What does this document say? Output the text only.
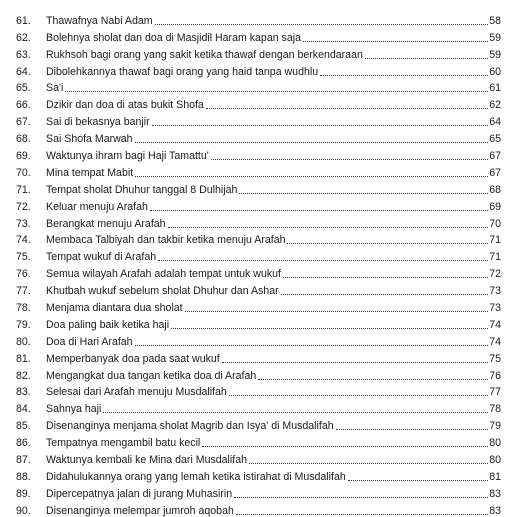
61.	Thawafnya Nabi Adam	58
62.	Bolehnya sholat dan doa di Masjidil Haram kapan saja	59
63.	Rukhsoh bagi orang yang sakit ketika thawaf dengan berkendaraan	59
64.	Dibolehkannya thawaf bagi orang yang haid tanpa wudhlu	60
65.	Sa'i	61
66.	Dzikir dan doa di atas bukit Shofa	62
67.	Sai di bekasnya banjir	64
68.	Sai Shofa Marwah	65
69.	Waktunya ihram bagi Haji Tamattu'	67
70.	Mina tempat Mabit	67
71.	Tempat sholat Dhuhur tanggal 8 Dulhijah	68
72.	Keluar menuju Arafah	69
73.	Berangkat menuju Arafah	70
74.	Membaca Talbiyah dan takbir ketika menuju Arafah	71
75.	Tempat wukuf di Arafah	71
76.	Semua wilayah Arafah adalah tempat untuk wukuf	72
77.	Khutbah wukuf sebelum sholat Dhuhur dan Ashar	73
78.	Menjama diantara dua sholat	73
79.	Doa paling baik ketika haji	74
80.	Doa di Hari Arafah	74
81.	Memperbanyak doa pada saat wukuf	75
82.	Mengangkat dua tangan ketika doa di Arafah	76
83.	Selesai dari Arafah menuju Musdalifah	77
84.	Sahnya haji	78
85.	Disenanginya menjama sholat Magrib dan Isya' di Musdalifah	79
86.	Tempatnya mengambil batu kecil	80
87.	Waktunya kembali ke Mina dari Musdalifah	80
88.	Didahulukannya orang yang lemah ketika istirahat di Musdalifah	81
89.	Dipercepatnya jalan di jurang Muhasirin	83
90.	Disenanginya melempar jumroh aqobah	83
